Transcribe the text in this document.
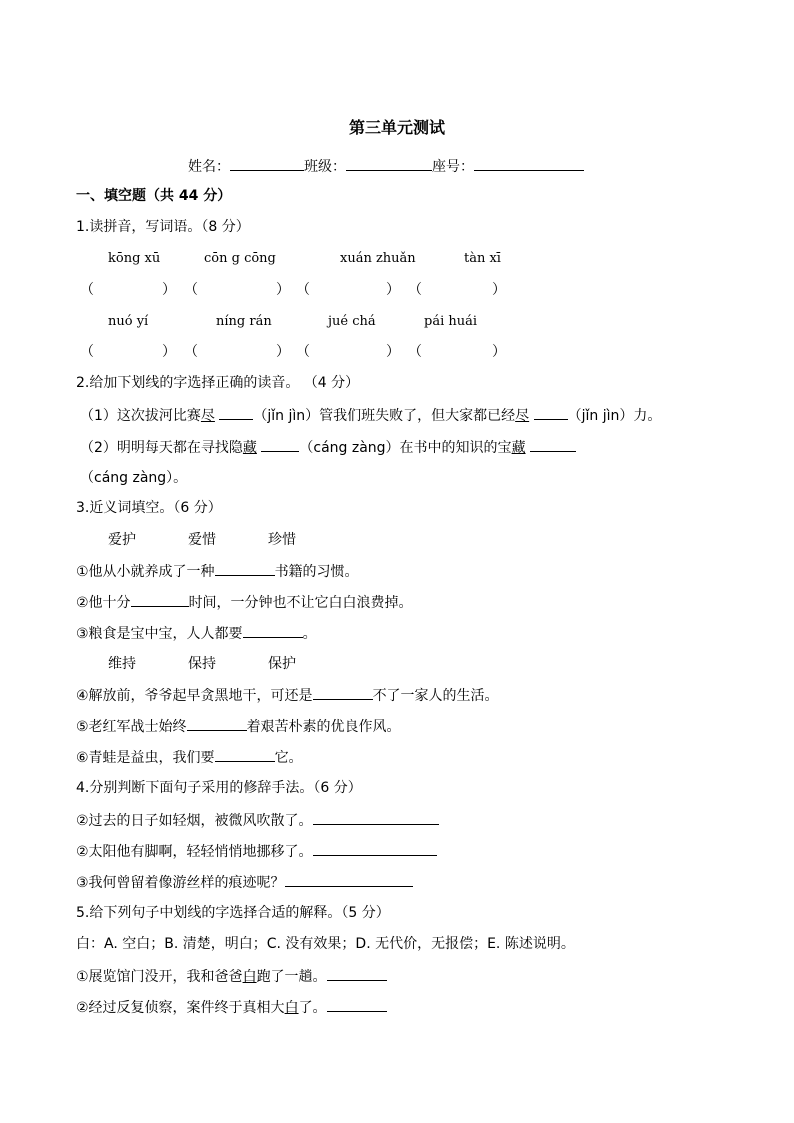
第三单元测试
姓名：	班级：	座号：
一、填空题（共 44 分）
1.读拼音，写词语。（8 分）
kōng xū	cōn g cōng	xuán zhuǎn	tàn xī
（	） （	） （	） （	）
nuó yí	níng rán	jué chá	pái huái
（	） （	） （	） （	）
2.给加下划线的字选择正确的读音。 （4 分）
（1）这次拔河比赛尽	（jǐn jìn）管我们班失败了，但大家都已经尽	（jǐn jìn）力。
（2）明明每天都在寻找隐藏	（cáng zàng）在书中的知识的宝藏
（cáng zàng）。
3.近义词填空。（6 分）
爱护	爱惜	珍惜
①他从小就养成了一种	书籍的习惯。
②他十分	时间，一分钟也不让它白白浪费掉。
③粮食是宝中宝，人人都要	。
维持	保持	保护
④解放前，爷爷起早贪黑地干，可还是	不了一家人的生活。
⑤老红军战士始终	着艰苦朴素的优良作风。
⑥青蛙是益虫，我们要	它。
4.分别判断下面句子采用的修辞手法。（6 分）
②过去的日子如轻烟，被微风吹散了。
②太阳他有脚啊，轻轻悄悄地挪移了。
③我何曾留着像游丝样的痕迹呢？
5.给下列句子中划线的字选择合适的解释。（5 分）
白：A. 空白；B. 清楚，明白；C. 没有效果；D. 无代价，无报偿；E. 陈述说明。
①展览馆门没开，我和爸爸白跑了一趟。
②经过反复侦察，案件终于真相大白了。
